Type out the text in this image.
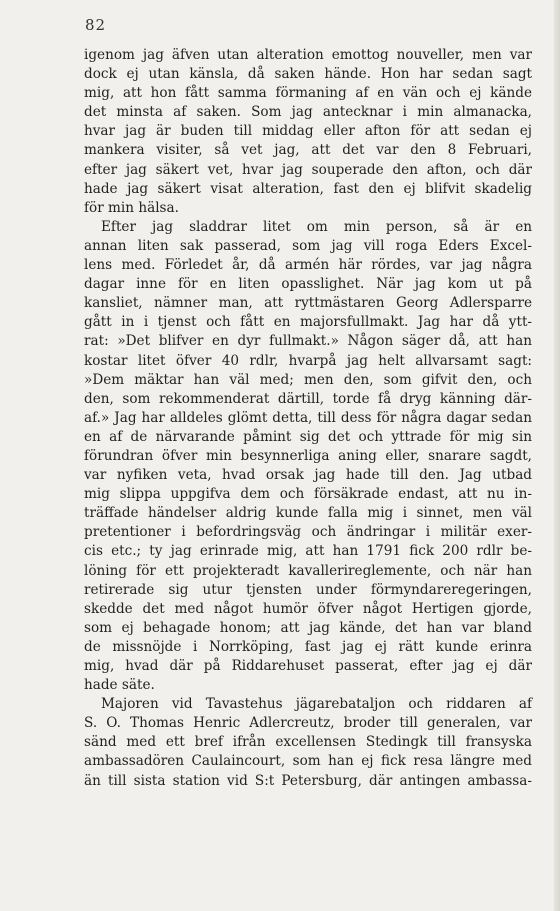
82
igenom jag äfven utan alteration emottog nouveller, men var
dock ej utan känsla, då saken hände. Hon har sedan sagt
mig, att hon fått samma förmaning af en vän och ej kände
det minsta af saken. Som jag antecknar i min almanacka,
hvar jag är buden till middag eller afton för att sedan ej
mankera visiter, så vet jag, att det var den 8 Februari,
efter jag säkert vet, hvar jag souperade den afton, och där
hade jag säkert visat alteration, fast den ej blifvit skadelig
för min hälsa.
Efter jag sladdrar litet om min person, så är en
annan liten sak passerad, som jag vill roga Eders Excel-
lens med. Förledet år, då armén här rördes, var jag några
dagar inne för en liten opasslighet. När jag kom ut på
kansliet, nämner man, att ryttmästaren Georg Adlersparre
gått in i tjenst och fått en majorsfullmakt. Jag har då ytt-
rat: »Det blifver en dyr fullmakt.» Någon säger då, att han
kostar litet öfver 40 rdlr, hvarpå jag helt allvarsamt sagt:
»Dem mäktar han väl med; men den, som gifvit den, och
den, som rekommenderat därtill, torde få dryg känning där-
af.» Jag har alldeles glömt detta, till dess för några dagar sedan
en af de närvarande påmint sig det och yttrade för mig sin
förundran öfver min besynnerliga aning eller, snarare sagdt,
var nyfiken veta, hvad orsak jag hade till den. Jag utbad
mig slippa uppgifva dem och försäkrade endast, att nu in-
träffade händelser aldrig kunde falla mig i sinnet, men väl
pretentioner i befordringsväg och ändringar i militär exer-
cis etc.; ty jag erinrade mig, att han 1791 fick 200 rdlr be-
löning för ett projekteradt kavallerireglemente, och när han
retirerade sig utur tjensten under förmyndareregeringen,
skedde det med något humör öfver något Hertigen gjorde,
som ej behagade honom; att jag kände, det han var bland
de missnöjde i Norrköping, fast jag ej rätt kunde erinra
mig, hvad där på Riddarehuset passerat, efter jag ej där
hade säte.
Majoren vid Tavastehus jägarebataljon och riddaren af
S. O. Thomas Henric Adlercreutz, broder till generalen, var
sänd med ett bref ifrån excellensen Stedingk till fransyska
ambassadören Caulaincourt, som han ej fick resa längre med
än till sista station vid S:t Petersburg, där antingen ambassa-
